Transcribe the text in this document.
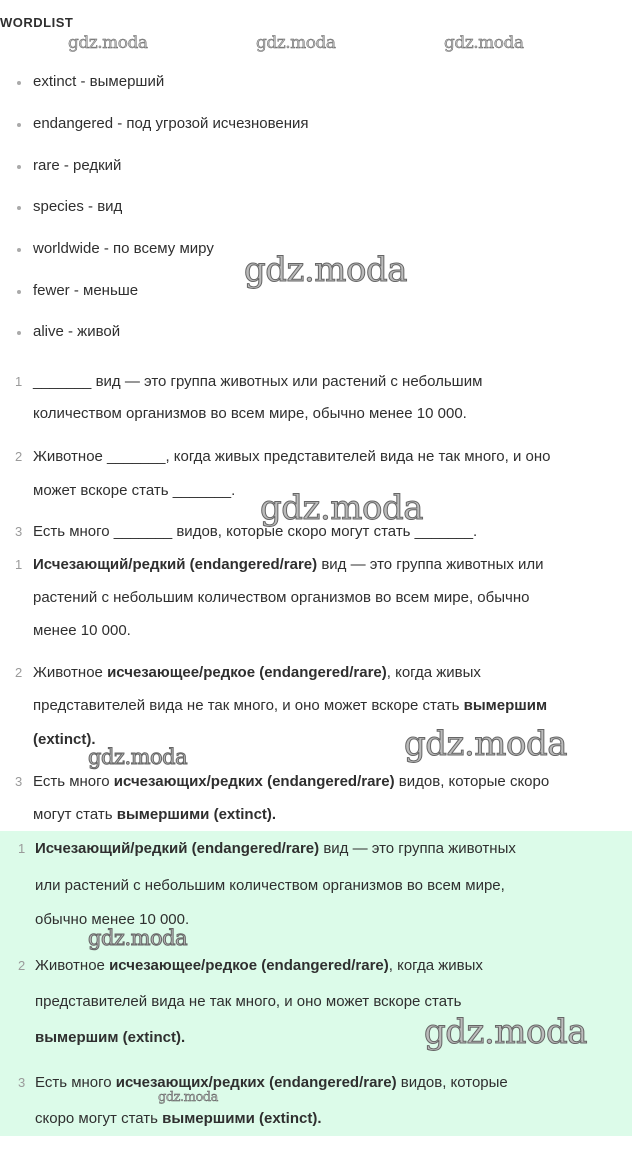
WORDLIST
extinct - вымерший
endangered - под угрозой исчезновения
rare - редкий
species - вид
worldwide - по всему миру
fewer - меньше
alive - живой
1 _______ вид — это группа животных или растений с небольшим
количеством организмов во всем мире, обычно менее 10 000.
2 Животное _______, когда живых представителей вида не так много, и оно
может вскоре стать _______.
3 Есть много _______ видов, которые скоро могут стать _______.
1 Исчезающий/редкий (endangered/rare) вид — это группа животных или
растений с небольшим количеством организмов во всем мире, обычно
менее 10 000.
2 Животное исчезающее/редкое (endangered/rare), когда живых
представителей вида не так много, и оно может вскоре стать вымершим
(extinct).
3 Есть много исчезающих/редких (endangered/rare) видов, которые скоро
могут стать вымершими (extinct).
1 Исчезающий/редкий (endangered/rare) вид — это группа животных
или растений с небольшим количеством организмов во всем мире,
обычно менее 10 000.
2 Животное исчезающее/редкое (endangered/rare), когда живых
представителей вида не так много, и оно может вскоре стать
вымершим (extinct).
3 Есть много исчезающих/редких (endangered/rare) видов, которые
скоро могут стать вымершими (extinct).
gdz.moda	gdz.moda	gdz.moda
gdz.moda
gdz.moda
gdz.moda	gdz.moda
gdz.moda
gdz.moda
gdz.moda
